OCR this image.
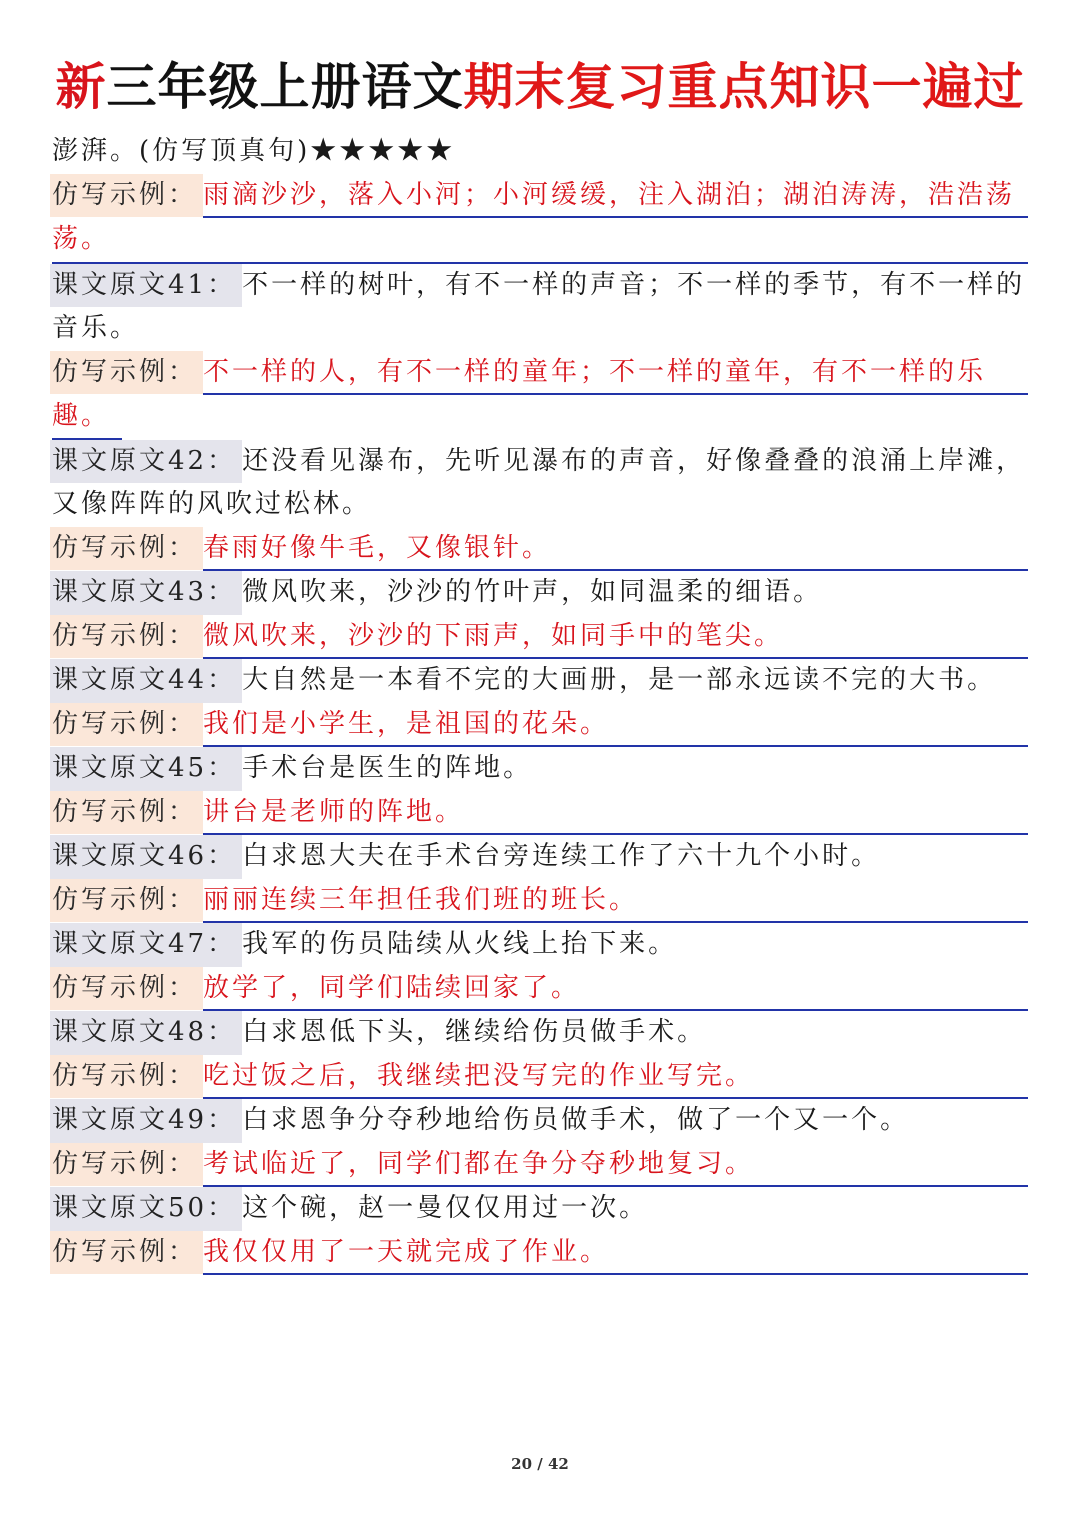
新三年级上册语文期末复习重点知识一遍过
澎湃。(仿写顶真句)★★★★★
仿写示例： 雨滴沙沙，落入小河；小河缓缓，注入湖泊；湖泊涛涛，浩浩荡
荡。
课文原文41： 不一样的树叶，有不一样的声音；不一样的季节，有不一样的
音乐。
仿写示例： 不一样的人，有不一样的童年；不一样的童年，有不一样的乐
趣。
课文原文42： 还没看见瀑布，先听见瀑布的声音，好像叠叠的浪涌上岸滩，
又像阵阵的风吹过松林。
仿写示例： 春雨好像牛毛，又像银针。
课文原文43： 微风吹来，沙沙的竹叶声，如同温柔的细语。
仿写示例： 微风吹来，沙沙的下雨声，如同手中的笔尖。
课文原文44： 大自然是一本看不完的大画册，是一部永远读不完的大书。
仿写示例： 我们是小学生，是祖国的花朵。
课文原文45： 手术台是医生的阵地。
仿写示例： 讲台是老师的阵地。
课文原文46： 白求恩大夫在手术台旁连续工作了六十九个小时。
仿写示例： 丽丽连续三年担任我们班的班长。
课文原文47： 我军的伤员陆续从火线上抬下来。
仿写示例： 放学了，同学们陆续回家了。
课文原文48： 白求恩低下头，继续给伤员做手术。
仿写示例： 吃过饭之后，我继续把没写完的作业写完。
课文原文49： 白求恩争分夺秒地给伤员做手术，做了一个又一个。
仿写示例： 考试临近了，同学们都在争分夺秒地复习。
课文原文50： 这个碗，赵一曼仅仅用过一次。
仿写示例： 我仅仅用了一天就完成了作业。
20 / 42
